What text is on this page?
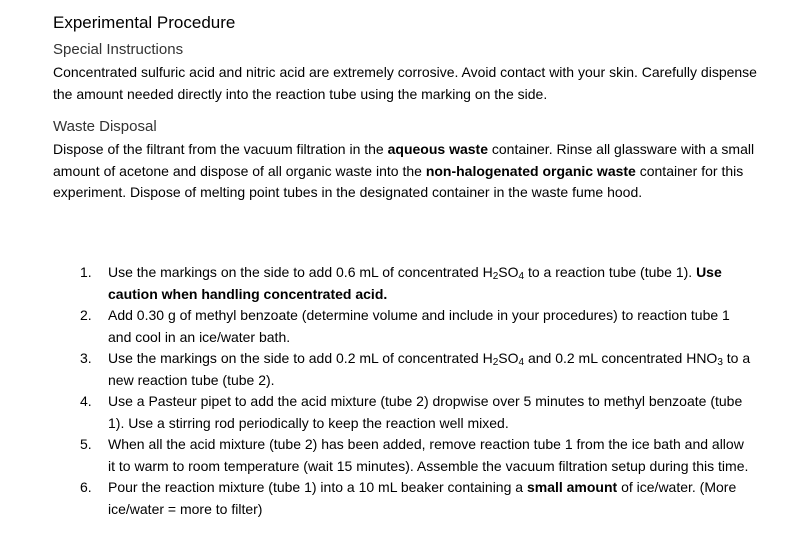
Experimental Procedure
Special Instructions

Concentrated sulfuric acid and nitric acid are extremely corrosive. Avoid contact with your skin. Carefully dispense the amount needed directly into the reaction tube using the marking on the side.

Waste Disposal

Dispose of the filtrant from the vacuum filtration in the aqueous waste container. Rinse all glassware with a small amount of acetone and dispose of all organic waste into the non-halogenated organic waste container for this experiment. Dispose of melting point tubes in the designated container in the waste fume hood.

1. Use the markings on the side to add 0.6 mL of concentrated $H_2SO_4$ to a reaction tube (tube 1). Use caution when handling concentrated acid.
2. Add 0.30 g of methyl benzoate (determine volume and include in your procedures) to reaction tube 1 and cool in an ice/water bath.
3. Use the markings on the side to add 0.2 mL of concentrated $H_2SO_4$ and 0.2 mL concentrated $HNO_3$ to a new reaction tube (tube 2).
4. Use a Pasteur pipet to add the acid mixture (tube 2) dropwise over 5 minutes to methyl benzoate (tube 1). Use a stirring rod periodically to keep the reaction well mixed.
5. When all the acid mixture (tube 2) has been added, remove reaction tube 1 from the ice bath and allow it to warm to room temperature (wait 15 minutes). Assemble the vacuum filtration setup during this time.
6. Pour the reaction mixture (tube 1) into a 10 mL beaker containing a small amount of ice/water. (More ice/water = more to filter)
